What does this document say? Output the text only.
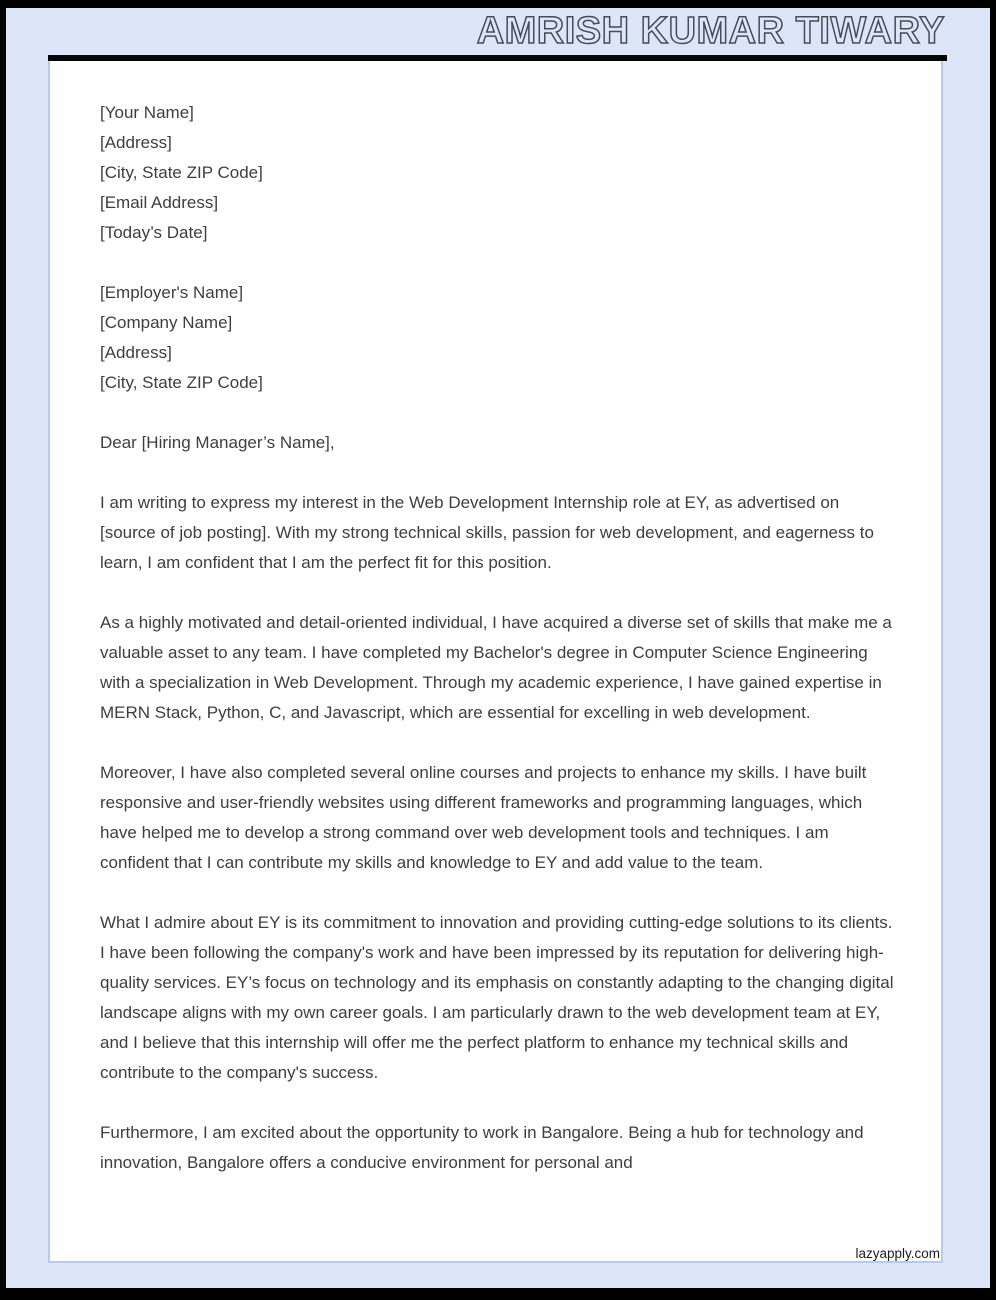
AMRISH KUMAR TIWARY
lazyapply.com
[Your Name]
[Address]
[City, State ZIP Code]
[Email Address]
[Today’s Date]
[Employer's Name]
[Company Name]
[Address]
[City, State ZIP Code]
Dear [Hiring Manager’s Name],

I am writing to express my interest in the Web Development Internship role at EY, as advertised on [source of job posting]. With my strong technical skills, passion for web development, and eagerness to learn, I am confident that I am the perfect fit for this position.

As a highly motivated and detail-oriented individual, I have acquired a diverse set of skills that make me a valuable asset to any team. I have completed my Bachelor's degree in Computer Science Engineering with a specialization in Web Development. Through my academic experience, I have gained expertise in MERN Stack, Python, C, and Javascript, which are essential for excelling in web development.

Moreover, I have also completed several online courses and projects to enhance my skills. I have built responsive and user-friendly websites using different frameworks and programming languages, which have helped me to develop a strong command over web development tools and techniques. I am confident that I can contribute my skills and knowledge to EY and add value to the team.

What I admire about EY is its commitment to innovation and providing cutting-edge solutions to its clients. I have been following the company's work and have been impressed by its reputation for delivering high-quality services. EY’s focus on technology and its emphasis on constantly adapting to the changing digital landscape aligns with my own career goals. I am particularly drawn to the web development team at EY, and I believe that this internship will offer me the perfect platform to enhance my technical skills and contribute to the company's success.

Furthermore, I am excited about the opportunity to work in Bangalore. Being a hub for technology and innovation, Bangalore offers a conducive environment for personal and
